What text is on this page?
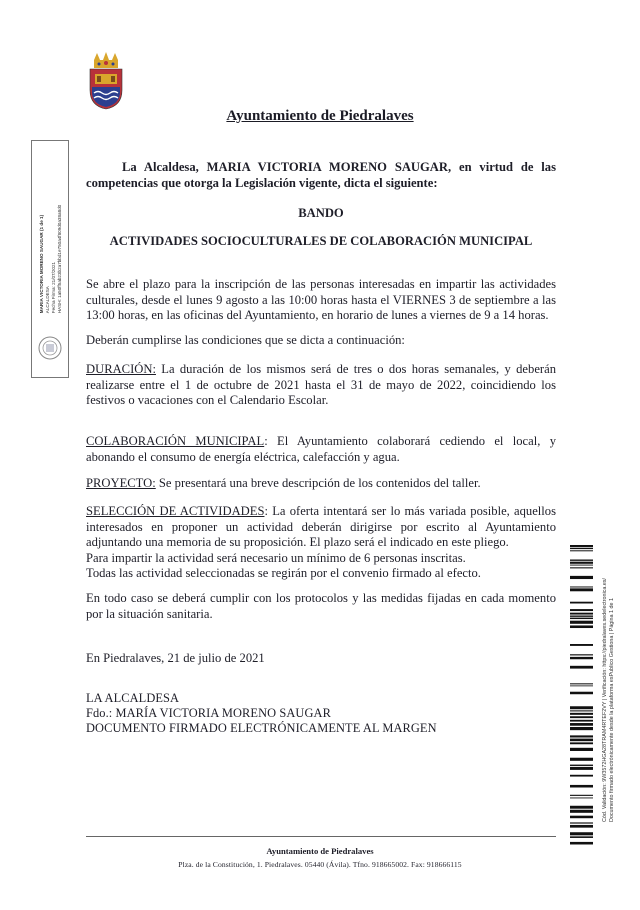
Ayuntamiento de Piedralaves
MARIA VICTORIA MORENO SAUGAR (1 de 1) ALCALDESA Fecha Firma: 21/07/2021 HASH: 1a50ff5ab23b2a7bbd1e750a4f809d0a38a8d0
La Alcaldesa, MARIA VICTORIA MORENO SAUGAR, en virtud de las competencias que otorga la Legislación vigente, dicta el siguiente:
BANDO
ACTIVIDADES SOCIOCULTURALES DE COLABORACIÓN MUNICIPAL
Se abre el plazo para la inscripción de las personas interesadas en impartir las actividades culturales, desde el lunes 9 agosto a las 10:00 horas hasta el VIERNES 3 de septiembre a las 13:00 horas, en las oficinas del Ayuntamiento, en horario de lunes a viernes de 9 a 14 horas.
Deberán cumplirse las condiciones que se dicta a continuación:
DURACIÓN: La duración de los mismos será de tres o dos horas semanales, y deberán realizarse entre el 1 de octubre de 2021 hasta el 31 de mayo de 2022, coincidiendo los festivos o vacaciones con el Calendario Escolar.
COLABORACIÓN MUNICIPAL: El Ayuntamiento colaborará cediendo el local, y abonando el consumo de energía eléctrica, calefacción y agua.
PROYECTO: Se presentará una breve descripción de los contenidos del taller.
SELECCIÓN DE ACTIVIDADES: La oferta intentará ser lo más variada posible, aquellos interesados en proponer un actividad deberán dirigirse por escrito al Ayuntamiento adjuntando una memoria de su proposición. El plazo será el indicado en este pliego.
Para impartir la actividad será necesario un mínimo de 6 personas inscritas.
Todas las actividad seleccionadas se regirán por el convenio firmado al efecto.
En todo caso se deberá cumplir con los protocolos y las medidas fijadas en cada momento por la situación sanitaria.
En Piedralaves, 21 de julio de 2021
LA ALCALDESA
Fdo.: MARÍA VICTORIA MORENO SAUGAR
DOCUMENTO FIRMADO ELECTRÓNICAMENTE AL MARGEN
Ayuntamiento de Piedralaves
Plza. de la Constitución, 1. Piedralaves. 05440 (Ávila). Tfno. 918665002. Fax: 918666115
Cód. Validación: 9W3572HGA28TRAM4RTEF2VY | Verificación: https://piedralaves.sedelectronica.es/ Documento firmado electrónicamente desde la plataforma esPublico Gestiona | Página 1 de 1
